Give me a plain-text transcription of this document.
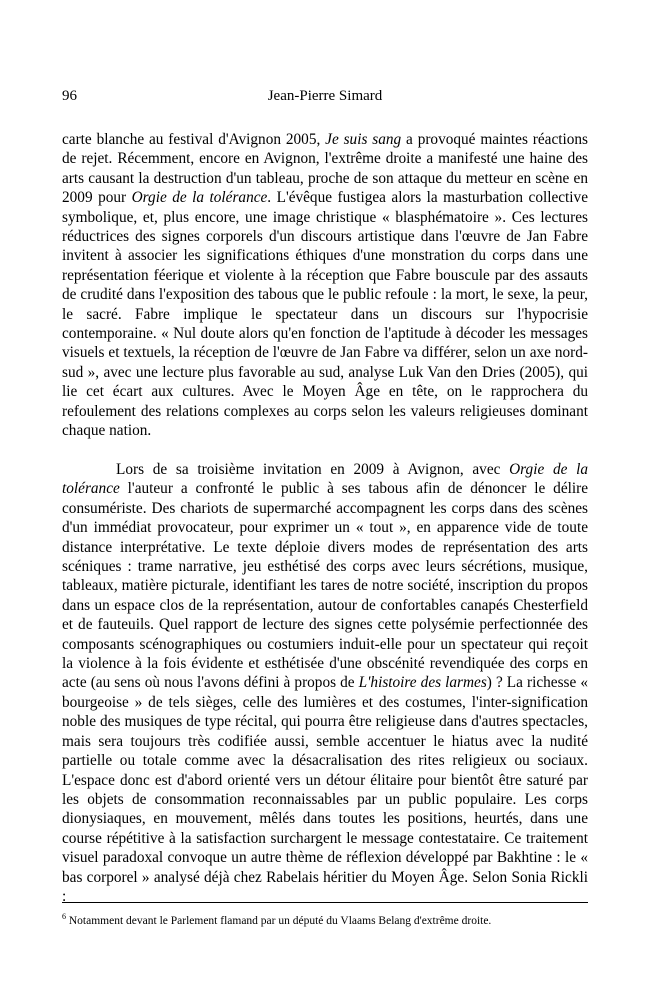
96	Jean-Pierre Simard

carte blanche au festival d'Avignon 2005, Je suis sang a provoqué maintes réactions de rejet. Récemment, encore en Avignon, l'extrême droite a manifesté une haine des arts causant la destruction d'un tableau, proche de son attaque du metteur en scène en 2009 pour Orgie de la tolérance. L'évêque fustigea alors la masturbation collective symbolique, et, plus encore, une image christique « blasphématoire ». Ces lectures réductrices des signes corporels d'un discours artistique dans l'œuvre de Jan Fabre invitent à associer les significations éthiques d'une monstration du corps dans une représentation féerique et violente à la réception que Fabre bouscule par des assauts de crudité dans l'exposition des tabous que le public refoule : la mort, le sexe, la peur, le sacré. Fabre implique le spectateur dans un discours sur l'hypocrisie contemporaine. « Nul doute alors qu'en fonction de l'aptitude à décoder les messages visuels et textuels, la réception de l'œuvre de Jan Fabre va différer, selon un axe nord-sud », avec une lecture plus favorable au sud, analyse Luk Van den Dries (2005), qui lie cet écart aux cultures. Avec le Moyen Âge en tête, on le rapprochera du refoulement des relations complexes au corps selon les valeurs religieuses dominant chaque nation.

Lors de sa troisième invitation en 2009 à Avignon, avec Orgie de la tolérance l'auteur a confronté le public à ses tabous afin de dénoncer le délire consumériste. Des chariots de supermarché accompagnent les corps dans des scènes d'un immédiat provocateur, pour exprimer un « tout », en apparence vide de toute distance interprétative. Le texte déploie divers modes de représentation des arts scéniques : trame narrative, jeu esthétisé des corps avec leurs sécrétions, musique, tableaux, matière picturale, identifiant les tares de notre société, inscription du propos dans un espace clos de la représentation, autour de confortables canapés Chesterfield et de fauteuils. Quel rapport de lecture des signes cette polysémie perfectionnée des composants scénographiques ou costumiers induit-elle pour un spectateur qui reçoit la violence à la fois évidente et esthétisée d'une obscénité revendiquée des corps en acte (au sens où nous l'avons défini à propos de L'histoire des larmes) ? La richesse « bourgeoise » de tels sièges, celle des lumières et des costumes, l'inter-signification noble des musiques de type récital, qui pourra être religieuse dans d'autres spectacles, mais sera toujours très codifiée aussi, semble accentuer le hiatus avec la nudité partielle ou totale comme avec la désacralisation des rites religieux ou sociaux. L'espace donc est d'abord orienté vers un détour élitaire pour bientôt être saturé par les objets de consommation reconnaissables par un public populaire. Les corps dionysiaques, en mouvement, mêlés dans toutes les positions, heurtés, dans une course répétitive à la satisfaction surchargent le message contestataire. Ce traitement visuel paradoxal convoque un autre thème de réflexion développé par Bakhtine : le « bas corporel » analysé déjà chez Rabelais héritier du Moyen Âge. Selon Sonia Rickli :

$^6$ Notamment devant le Parlement flamand par un député du Vlaams Belang d'extrême droite.
